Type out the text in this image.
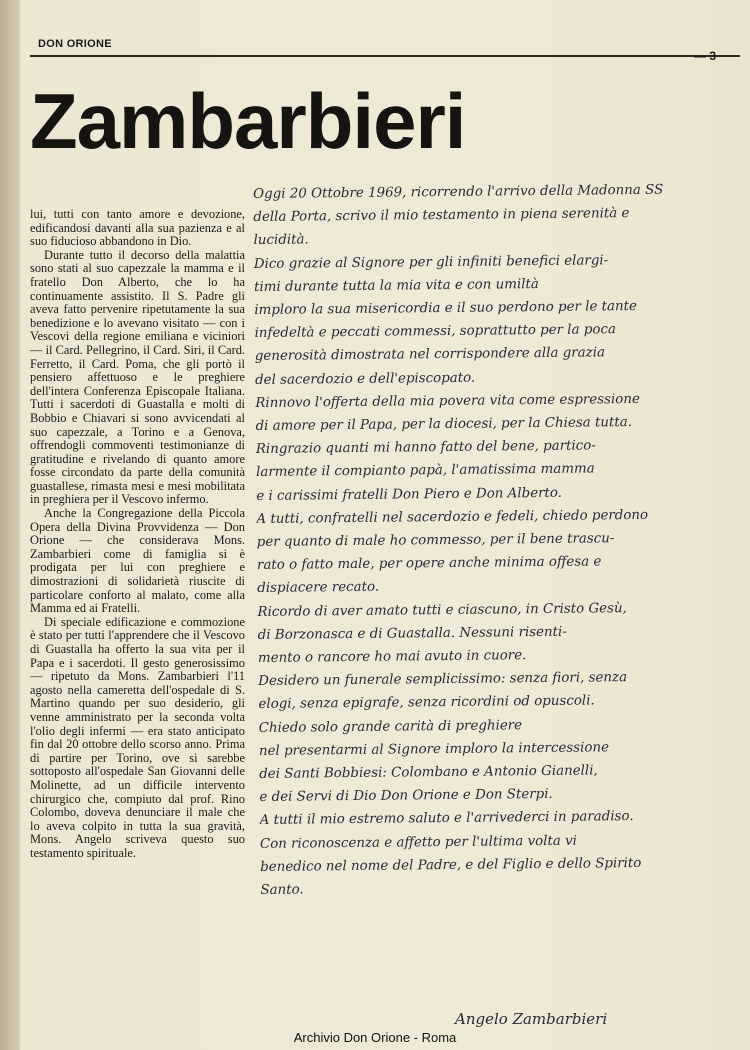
DON ORIONE
— 3
Zambarbieri

lui, tutti con tanto amore e devozione, edificandosi davanti alla sua pazienza e al suo fiducioso abbandono in Dio.

Durante tutto il decorso della malattia sono stati al suo capezzale la mamma e il fratello Don Alberto, che lo ha continuamente assistito. Il S. Padre gli aveva fatto pervenire ripetutamente la sua benedizione e lo avevano visitato — con i Vescovi della regione emiliana e viciniori — il Card. Pellegrino, il Card. Siri, il Card. Ferretto, il Card. Poma, che gli portò il pensiero affettuoso e le preghiere dell'intera Conferenza Episcopale Italiana. Tutti i sacerdoti di Guastalla e molti di Bobbio e Chiavari si sono avvicendati al suo capezzale, a Torino e a Genova, offrendogli commoventi testimonianze di gratitudine e rivelando di quanto amore fosse circondato da parte della comunità guastallese, rimasta mesi e mesi mobilitata in preghiera per il Vescovo infermo.

Anche la Congregazione della Piccola Opera della Divina Provvidenza — Don Orione — che considerava Mons. Zambarbieri come di famiglia si è prodigata per lui con preghiere e dimostrazioni di solidarietà riuscite di particolare conforto al malato, come alla Mamma ed ai Fratelli.

Di speciale edificazione e commozione è stato per tutti l'apprendere che il Vescovo di Guastalla ha offerto la sua vita per il Papa e i sacerdoti. Il gesto generosissimo — ripetuto da Mons. Zambarbieri l'11 agosto nella cameretta dell'ospedale di S. Martino quando per suo desiderio, gli venne amministrato per la seconda volta l'olio degli infermi — era stato anticipato fin dal 20 ottobre dello scorso anno. Prima di partire per Torino, ove si sarebbe sottoposto all'ospedale San Giovanni delle Molinette, ad un difficile intervento chirurgico che, compiuto dal prof. Rino Colombo, doveva denunciare il male che lo aveva colpito in tutta la sua gravità, Mons. Angelo scriveva questo suo testamento spirituale.

Oggi 20 Ottobre 1969, ricorrendo l'arrivo della Madonna SS
della Porta, scrivo il mio testamento in piena serenità e
lucidità.
Dico grazie al Signore per gli infiniti benefici elargi-
timi durante tutta la mia vita e con umiltà
imploro la sua misericordia e il suo perdono per le tante
infedeltà e peccati commessi, soprattutto per la poca
generosità dimostrata nel corrispondere alla grazia
del sacerdozio e dell'episcopato.
Rinnovo l'offerta della mia povera vita come espressione
di amore per il Papa, per la diocesi, per la Chiesa tutta.
Ringrazio quanti mi hanno fatto del bene, partico-
larmente il compianto papà, l'amatissima mamma
e i carissimi fratelli Don Piero e Don Alberto.
A tutti, confratelli nel sacerdozio e fedeli, chiedo perdono
per quanto di male ho commesso, per il bene trascu-
rato o fatto male, per opere anche minima offesa e
dispiacere recato.
Ricordo di aver amato tutti e ciascuno, in Cristo Gesù,
di Borzonasca e di Guastalla. Nessuni risenti-
mento o rancore ho mai avuto in cuore.
Desidero un funerale semplicissimo: senza fiori, senza
elogi, senza epigrafe, senza ricordini od opuscoli.
Chiedo solo grande carità di preghiere
nel presentarmi al Signore imploro la intercessione
dei Santi Bobbiesi: Colombano e Antonio Gianelli,
e dei Servi di Dio Don Orione e Don Sterpi.
A tutti il mio estremo saluto e l'arrivederci in paradiso.
Con riconoscenza e affetto per l'ultima volta vi
benedico nel nome del Padre, e del Figlio e dello Spirito
Santo.
Angelo Zambarbieri
Archivio Don Orione - Roma
